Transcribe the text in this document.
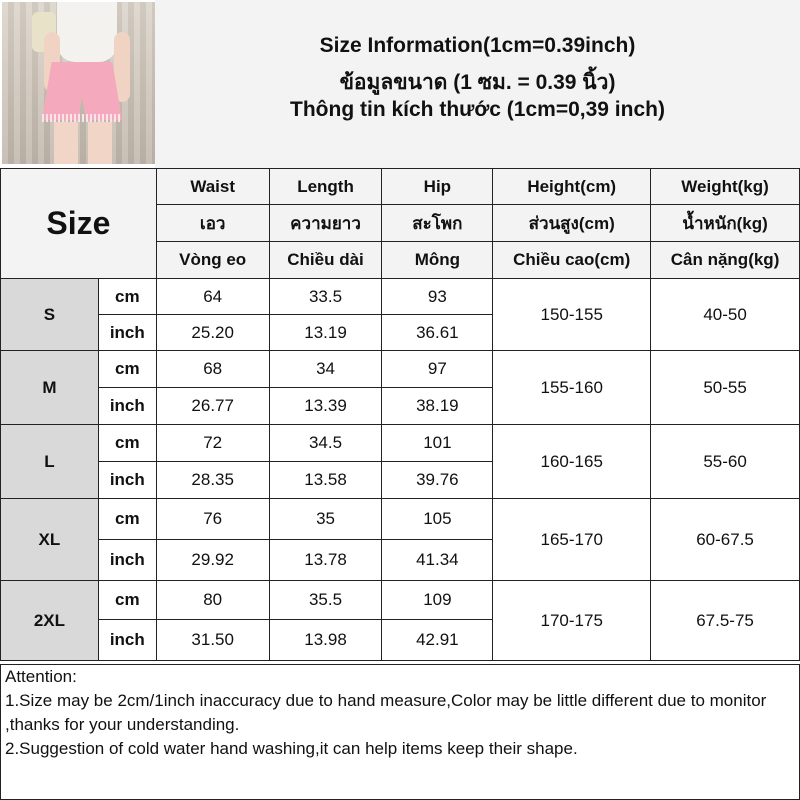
Size Information(1cm=0.39inch)
ข้อมูลขนาด (1 ซม. = 0.39 นิ้ว)
Thông tin kích thước (1cm=0,39 inch)
Size		Waist	Length	Hip	Height(cm)	Weight(kg)
		เอว	ความยาว	สะโพก	ส่วนสูง(cm)	น้ำหนัก(kg)
		Vòng eo	Chiều dài	Mông	Chiều cao(cm)	Cân nặng(kg)
S	cm	64	33.5	93	150-155	40-50
	inch	25.20	13.19	36.61		
M	cm	68	34	97	155-160	50-55
	inch	26.77	13.39	38.19		
L	cm	72	34.5	101	160-165	55-60
	inch	28.35	13.58	39.76		
XL	cm	76	35	105	165-170	60-67.5
	inch	29.92	13.78	41.34		
2XL	cm	80	35.5	109	170-175	67.5-75
	inch	31.50	13.98	42.91		
Attention:
1.Size may be 2cm/1inch inaccuracy due to hand measure,Color may be little different due to monitor ,thanks for your understanding.
2.Suggestion of cold water hand washing,it can help items keep their shape.
